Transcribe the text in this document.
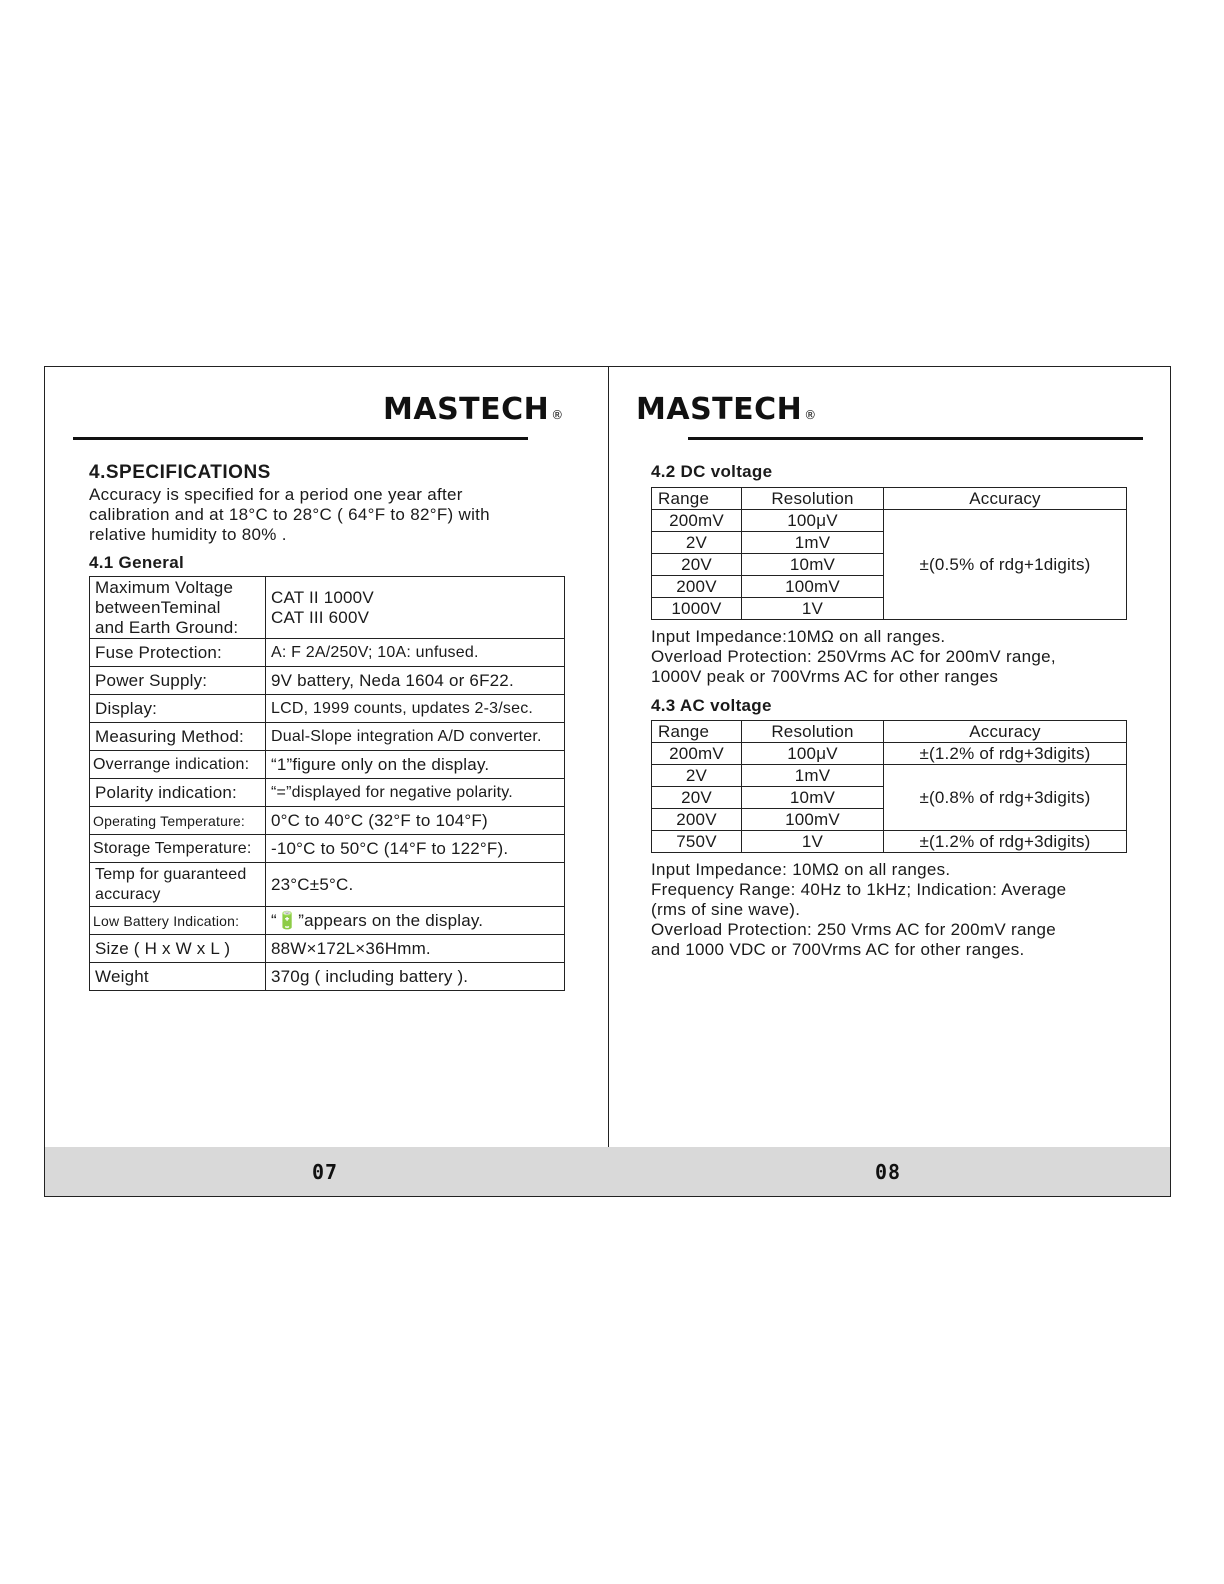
MASTECH ®
4.SPECIFICATIONS
Accuracy is specified for a period one year after
calibration and at 18°C to 28°C ( 64°F to 82°F) with
relative humidity to 80% .
4.1 General
Maximum Voltage
betweenTeminal
and Earth Ground:	CAT II 1000V
CAT III 600V
Fuse Protection:	A: F 2A/250V; 10A: unfused.
Power Supply:	9V battery, Neda 1604 or 6F22.
Display:	LCD, 1999 counts, updates 2-3/sec.
Measuring Method:	Dual-Slope integration A/D converter.
Overrange indication:	“1”figure only on the display.
Polarity indication:	“=”displayed for negative polarity.
Operating Temperature:	0°C to 40°C (32°F to 104°F)
Storage Temperature:	-10°C to 50°C (14°F to 122°F).
Temp for guaranteed
accuracy	23°C±5°C.
Low Battery Indication:	“🔋”appears on the display.
Size ( H x W x L )	88W×172L×36Hmm.
Weight	370g ( including battery ).
07
MASTECH ®
4.2 DC voltage
Range	Resolution	Accuracy
200mV	100μV	±(0.5% of rdg+1digits)
2V	1mV	
20V	10mV	
200V	100mV	
1000V	1V	
Input Impedance:10MΩ on all ranges.
Overload Protection: 250Vrms AC for 200mV range,
1000V peak or 700Vrms AC for other ranges
4.3 AC voltage
Range	Resolution	Accuracy
200mV	100μV	±(1.2% of rdg+3digits)
2V	1mV	±(0.8% of rdg+3digits)
20V	10mV	
200V	100mV	
750V	1V	±(1.2% of rdg+3digits)
Input Impedance: 10MΩ on all ranges.
Frequency Range: 40Hz to 1kHz; Indication: Average
(rms of sine wave).
Overload Protection: 250 Vrms AC for 200mV range
and 1000 VDC or 700Vrms AC for other ranges.
08
